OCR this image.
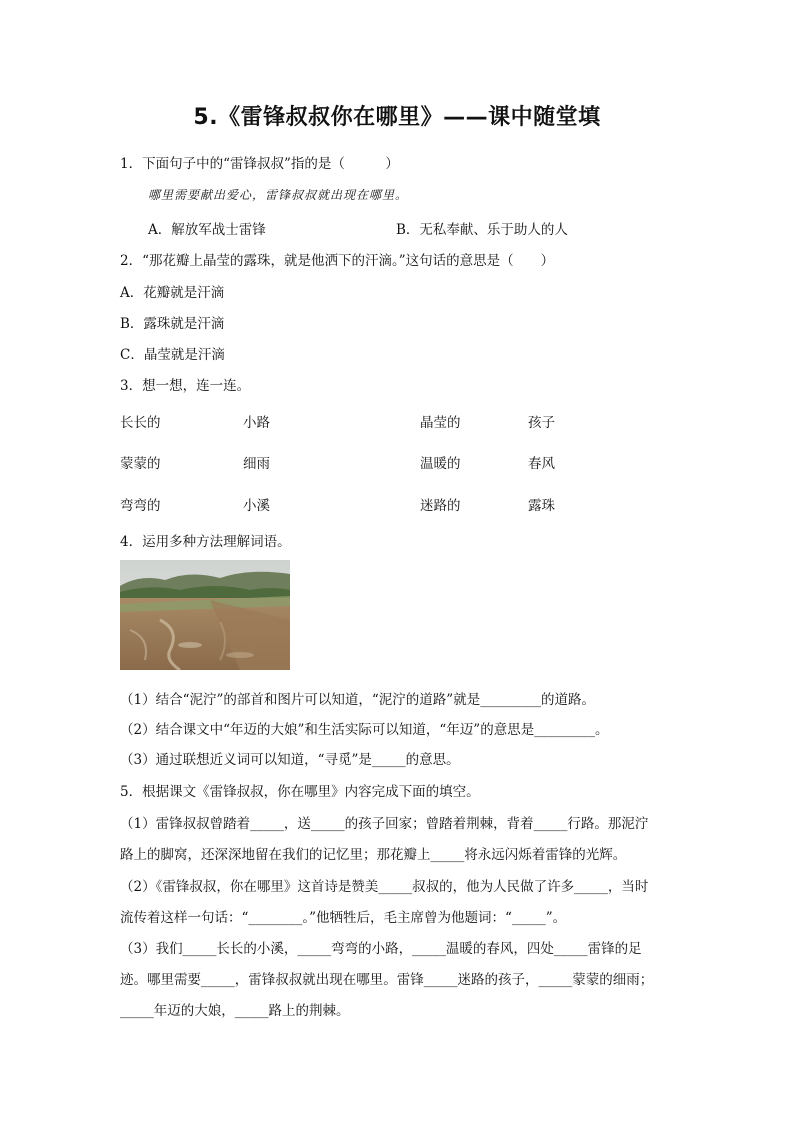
5.《雷锋叔叔你在哪里》——课中随堂填
1．下面句子中的“雷锋叔叔”指的是（　　　）
哪里需要献出爱心，雷锋叔叔就出现在哪里。
A．解放军战士雷锋	B．无私奉献、乐于助人的人
2．“那花瓣上晶莹的露珠，就是他洒下的汗滴。”这句话的意思是（　　）
A．花瓣就是汗滴
B．露珠就是汗滴
C．晶莹就是汗滴
3．想一想，连一连。
长长的	小路	晶莹的	孩子
蒙蒙的	细雨	温暖的	春风
弯弯的	小溪	迷路的	露珠
4．运用多种方法理解词语。
（1）结合“泥泞”的部首和图片可以知道，“泥泞的道路”就是_________的道路。
（2）结合课文中“年迈的大娘”和生活实际可以知道，“年迈”的意思是_________。
（3）通过联想近义词可以知道，“寻觅”是_____的意思。
5．根据课文《雷锋叔叔，你在哪里》内容完成下面的填空。
（1）雷锋叔叔曾踏着_____，送_____的孩子回家；曾踏着荆棘，背着_____行路。那泥泞
路上的脚窝，还深深地留在我们的记忆里；那花瓣上_____将永远闪烁着雷锋的光辉。
（2）《雷锋叔叔，你在哪里》这首诗是赞美_____叔叔的，他为人民做了许多_____，当时
流传着这样一句话：“________。”他牺牲后，毛主席曾为他题词：“_____”。
（3）我们_____长长的小溪，_____弯弯的小路，_____温暖的春风，四处_____雷锋的足
迹。哪里需要_____，雷锋叔叔就出现在哪里。雷锋_____迷路的孩子，_____蒙蒙的细雨；
_____年迈的大娘，_____路上的荆棘。
